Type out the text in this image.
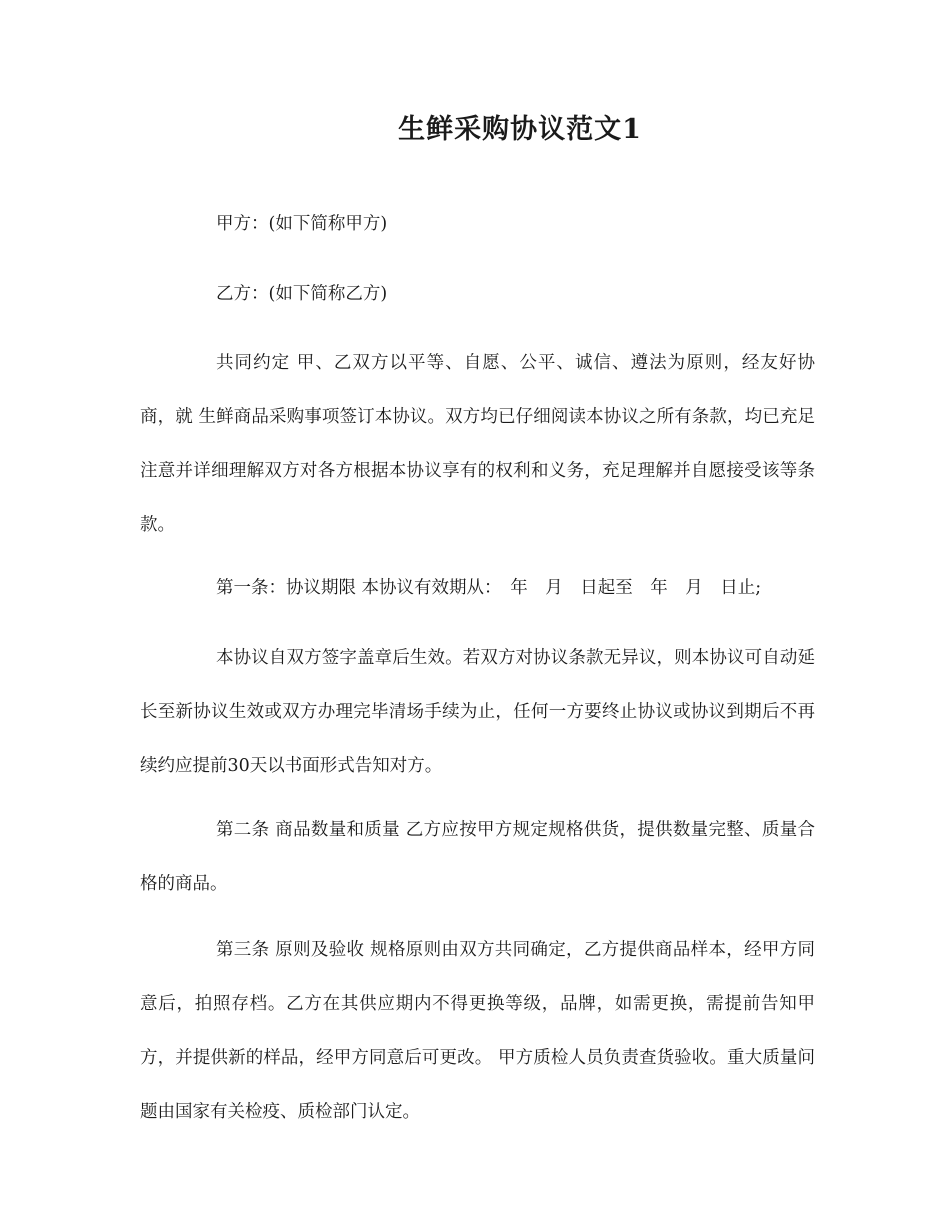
生鲜采购协议范文1

甲方：(如下简称甲方)

乙方：(如下简称乙方)

共同约定 甲、乙双方以平等、自愿、公平、诚信、遵法为原则，经友好协商，就 生鲜商品采购事项签订本协议。双方均已仔细阅读本协议之所有条款，均已充足注意并详细理解双方对各方根据本协议享有的权利和义务，充足理解并自愿接受该等条款。

第一条：协议期限 本协议有效期从：　年　月　日起至　年　月　日止;

本协议自双方签字盖章后生效。若双方对协议条款无异议，则本协议可自动延长至新协议生效或双方办理完毕清场手续为止，任何一方要终止协议或协议到期后不再续约应提前30天以书面形式告知对方。

第二条 商品数量和质量 乙方应按甲方规定规格供货，提供数量完整、质量合格的商品。

第三条 原则及验收 规格原则由双方共同确定，乙方提供商品样本，经甲方同意后，拍照存档。乙方在其供应期内不得更换等级，品牌，如需更换，需提前告知甲方，并提供新的样品，经甲方同意后可更改。 甲方质检人员负责查货验收。重大质量问题由国家有关检疫、质检部门认定。
